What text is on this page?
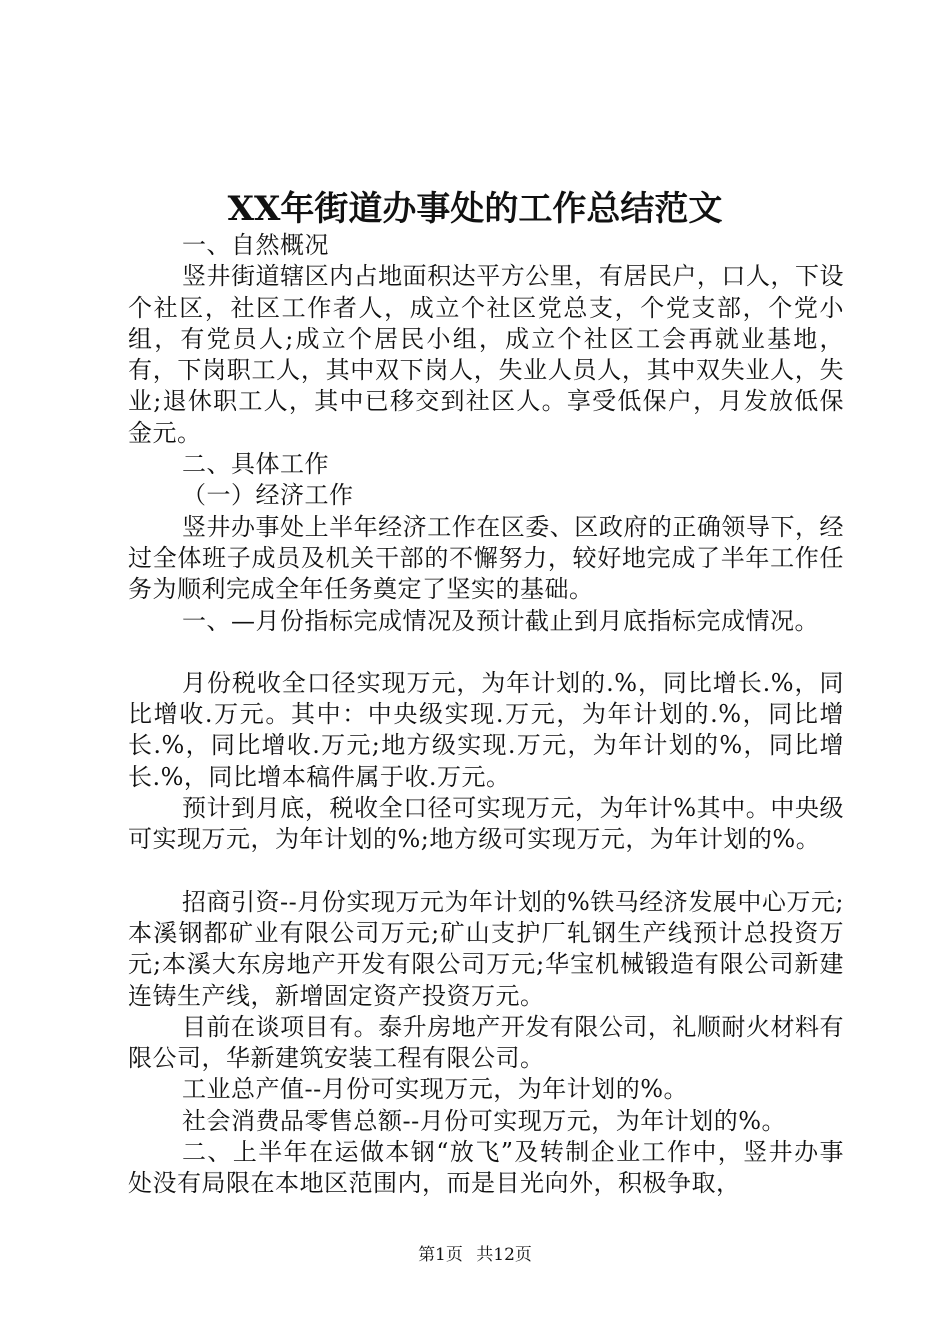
XX年街道办事处的工作总结范文

一、自然概况

竖井街道辖区内占地面积达平方公里，有居民户，口人，下设个社区，社区工作者人，成立个社区党总支，个党支部，个党小组，有党员人;成立个居民小组，成立个社区工会再就业基地，有，下岗职工人，其中双下岗人，失业人员人，其中双失业人，失业;退休职工人，其中已移交到社区人。享受低保户，月发放低保金元。

二、具体工作

（一）经济工作

竖井办事处上半年经济工作在区委、区政府的正确领导下，经过全体班子成员及机关干部的不懈努力，较好地完成了半年工作任务为顺利完成全年任务奠定了坚实的基础。

一、—月份指标完成情况及预计截止到月底指标完成情况。

月份税收全口径实现万元，为年计划的.%，同比增长.%，同比增收.万元。其中：中央级实现.万元，为年计划的.%，同比增长.%，同比增收.万元;地方级实现.万元，为年计划的%，同比增长.%，同比增本稿件属于收.万元。

预计到月底，税收全口径可实现万元，为年计%其中。中央级可实现万元，为年计划的%;地方级可实现万元，为年计划的%。

招商引资--月份实现万元为年计划的%铁马经济发展中心万元;本溪钢都矿业有限公司万元;矿山支护厂轧钢生产线预计总投资万元;本溪大东房地产开发有限公司万元;华宝机械锻造有限公司新建连铸生产线，新增固定资产投资万元。

目前在谈项目有。泰升房地产开发有限公司，礼顺耐火材料有限公司，华新建筑安装工程有限公司。

工业总产值--月份可实现万元，为年计划的%。

社会消费品零售总额--月份可实现万元，为年计划的%。

二、上半年在运做本钢“放飞”及转制企业工作中，竖井办事处没有局限在本地区范围内，而是目光向外，积极争取，

第1页 共12页
